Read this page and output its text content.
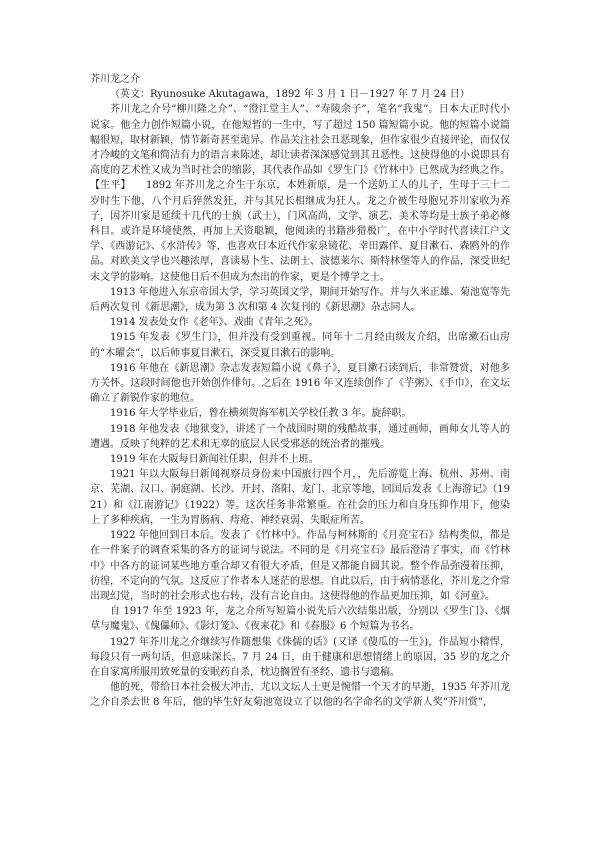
芥川龙之介

（英文：Ryunosuke Akutagawa，1892 年 3 月 1 日－1927 年 7 月 24 日）

芥川龙之介号“柳川隆之介”、“澄江堂主人”、“寿陵余子”，笔名“我鬼”。日本大正时代小说家。他全力创作短篇小说，在他短暂的一生中，写了超过 150 篇短篇小说。他的短篇小说篇幅很短，取材新颖，情节新奇甚至诡异。作品关注社会丑恶现象，但作家很少直接评论，而仅仅才冷峻的文笔和简洁有力的语言来陈述，却让读者深深感觉到其丑恶性。这使得他的小说即具有高度的艺术性又成为当时社会的缩影，其代表作品如《罗生门》《竹林中》已然成为经典之作。【生平】　　1892 年芥川龙之介生于东京，本姓新原，是一个送奶工人的儿子，生母于三十二岁时生下他，八个月后猝然发狂，并与其兄长相继成为狂人。龙之介被生母胞兄芥川家收为养子，因芥川家是延续十几代的士族（武士），门风高尚，文学、演艺、美术等均是士族子弟必修科目。或许是环境使然，再加上天资聪颖，他阅读的书籍涉猎极广，在中小学时代喜读江户文学、《西游记》、《水浒传》等，也喜欢日本近代作家泉镜花、幸田露伴、夏目漱石、森鸥外的作品。对欧美文学也兴趣浓厚，喜读易卜生、法朗士、波德莱尔、斯特林堡等人的作品，深受世纪末文学的影响。这使他日后不但成为杰出的作家，更是个博学之士。

1913 年他进入东京帝国大学，学习英国文学，期间开始写作。并与久米正雄、菊池宽等先后两次复刊《新思潮》，成为第 3 次和第 4 次复刊的《新思潮》杂志同人。

1914 发表处女作《老年》、戏曲《青年之死》。

1915 年发表《罗生门》，但并没有受到重视。同年十二月经由级友介绍，出席漱石山房的“木曜会”，以后师事夏目漱石，深受夏目漱石的影响。

1916 年他在《新思潮》杂志发表短篇小说《鼻子》，夏目漱石读到后，非常赞赏，对他多方关怀。这段时间他也开始创作俳句。之后在 1916 年又连续创作了《芋粥》、《手巾》，在文坛确立了新锐作家的地位。

1916 年大学毕业后，曾在横须贺海军机关学校任教 3 年。旋辞职。

1918 年他发表《地狱变》，讲述了一个战国时期的残酷故事，通过画师，画师女儿等人的遭遇。反映了纯粹的艺术和无辜的底层人民受邪恶的统治者的摧残。

1919 年在大阪每日新闻社任职，但并不上班。

1921 年以大阪每日新闻视察员身份来中国旅行四个月，，先后游览上海、杭州、苏州、南京、芜湖、汉口、洞庭湖、长沙、开封、洛阳、龙门、北京等地，回国后发表《上海游记》（1921）和《江南游记》（1922）等。这次任务非常繁重。在社会的压力和自身压抑作用下，他染上了多种疾病，一生为胃肠病、痔疮、神经衰弱、失眠症所苦。

1922 年他回到日本后。发表了《竹林中》。作品与柯林斯的《月亮宝石》结构类似，都是在一件案子的调查采集的各方的证词与说法。不同的是《月亮宝石》最后澄清了事实，而《竹林中》中各方的证词某些地方重合却又有很大矛盾，但是又都能自圆其说。整个作品弥漫着压抑，彷徨，不定向的气氛。这反应了作者本人迷茫的思想。自此以后，由于病情恶化，芥川龙之介常出现幻觉，当时的社会形式也右转，没有言论自由。这使得他的作品更加压抑，如《河童》。

自 1917 年至 1923 年，龙之介所写短篇小说先后六次结集出版，分别以《罗生门》、《烟草与魔鬼》、《傀儡师》、《影灯笼》、《夜来花》和《春服》6 个短篇为书名。

1927 年芥川龙之介继续写作随想集《侏儒的话》(又译《傻瓜的一生》)，作品短小精悍，每段只有一两句话，但意味深长。7 月 24 日，由于健康和思想情绪上的原因，35 岁的龙之介在自家寓所服用致死量的安眠药自杀，枕边搁置有圣经、遗书与遗稿。

他的死，带给日本社会极大冲击，尤以文坛人士更是惋惜一个天才的早逝，1935 年芥川龙之介自杀去世 8 年后，他的毕生好友菊池宽设立了以他的名字命名的文学新人奖“芥川赏”，
